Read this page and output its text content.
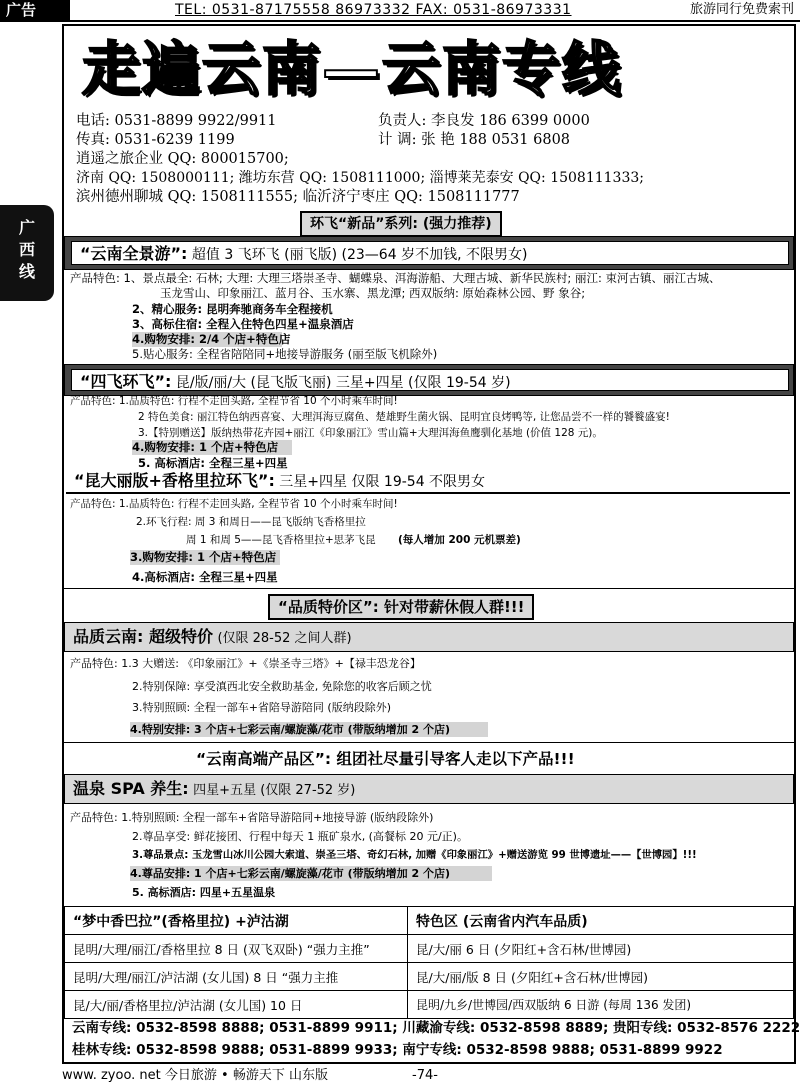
广告	TEL: 0531-87175558 86973332 FAX: 0531-86973331	旅游同行免费索刊
广
西
线
走遍云南—云南专线
电话: 0531-8899 9922/9911	负责人: 李良发 186 6399 0000
传真: 0531-6239 1199	计 调: 张 艳 188 0531 6808
逍遥之旅企业 QQ: 800015700;
济南 QQ: 1508000111; 潍坊东营 QQ: 1508111000; 淄博莱芜泰安 QQ: 1508111333;
滨州德州聊城 QQ: 1508111555; 临沂济宁枣庄 QQ: 1508111777
环飞“新品”系列: (强力推荐)
“云南全景游”: 超值 3 飞环飞 (丽飞版) (23—64 岁不加钱, 不限男女)
产品特色: 1、景点最全: 石林; 大理: 大理三塔崇圣寺、蝴蝶泉、洱海游船、大理古城、新华民族村; 丽江: 束河古镇、丽江古城、
玉龙雪山、印象丽江、蓝月谷、玉水寨、黑龙潭; 西双版纳: 原始森林公园、野 象谷;
2、精心服务: 昆明奔驰商务车全程接机
3、高标住宿: 全程入住特色四星+温泉酒店
4.购物安排: 2/4 个店+特色店
5.贴心服务: 全程省陪陪同+地接导游服务 (丽至版飞机除外)
“四飞环飞”: 昆/版/丽/大 (昆飞版飞丽) 三星+四星 (仅限 19-54 岁)
产品特色: 1.品质特色: 行程不走回头路, 全程节省 10 个小时乘车时间!
2 特色美食: 丽江特色纳西喜宴、大理洱海豆腐鱼、楚雄野生菌火锅、昆明宜良烤鸭等, 让您品尝不一样的饕餮盛宴!
3.【特别赠送】版纳热带花卉园+丽江《印象丽江》雪山篇+大理洱海鱼鹰驯化基地 (价值 128 元)。
4.购物安排: 1 个店+特色店
5. 高标酒店: 全程三星+四星
“昆大丽版+香格里拉环飞”: 三星+四星 仅限 19-54 不限男女
产品特色: 1.品质特色: 行程不走回头路, 全程节省 10 个小时乘车时间!
2.环飞行程: 周 3 和周日——昆飞版纳飞香格里拉
周 1 和周 5——昆飞香格里拉+思茅飞昆 (每人增加 200 元机票差)
3.购物安排: 1 个店+特色店
4.高标酒店: 全程三星+四星
“品质特价区”: 针对带薪休假人群!!!
品质云南: 超级特价 (仅限 28-52 之间人群)
产品特色: 1.3 大赠送: 《印象丽江》+《崇圣寺三塔》+【禄丰恐龙谷】
2.特别保障: 享受滇西北安全救助基金, 免除您的收客后顾之忧
3.特别照顾: 全程一部车+省陪导游陪同 (版纳段除外)
4.特别安排: 3 个店+七彩云南/螺旋藻/花市 (带版纳增加 2 个店)
“云南高端产品区”: 组团社尽量引导客人走以下产品!!!
温泉 SPA 养生: 四星+五星 (仅限 27-52 岁)
产品特色: 1.特别照顾: 全程一部车+省陪导游陪同+地接导游 (版纳段除外)
2.尊品享受: 鲜花接团、行程中每天 1 瓶矿泉水, (高餐标 20 元/正)。
3.尊品景点: 玉龙雪山冰川公园大索道、崇圣三塔、奇幻石林, 加赠《印象丽江》+赠送游览 99 世博遗址——【世博园】!!!
4.尊品安排: 1 个店+七彩云南/螺旋藻/花市 (带版纳增加 2 个店)
5. 高标酒店: 四星+五星温泉
“梦中香巴拉”(香格里拉) +泸沽湖	特色区 (云南省内汽车品质)
昆明/大理/丽江/香格里拉 8 日 (双飞双卧) “强力主推”	昆/大/丽 6 日 (夕阳红+含石林/世博园)
昆明/大理/丽江/泸沽湖 (女儿国) 8 日 “强力主推	昆/大/丽/版 8 日 (夕阳红+含石林/世博园)
昆/大/丽/香格里拉/泸沽湖 (女儿国) 10 日	昆明/九乡/世博园/西双版纳 6 日游 (每周 136 发团)
云南专线: 0532-8598 8888; 0531-8899 9911; 川藏渝专线: 0532-8598 8889; 贵阳专线: 0532-8576 2222
桂林专线: 0532-8598 9888; 0531-8899 9933; 南宁专线: 0532-8598 9888; 0531-8899 9922
www. zyoo. net 今日旅游 • 畅游天下 山东版	-74-
